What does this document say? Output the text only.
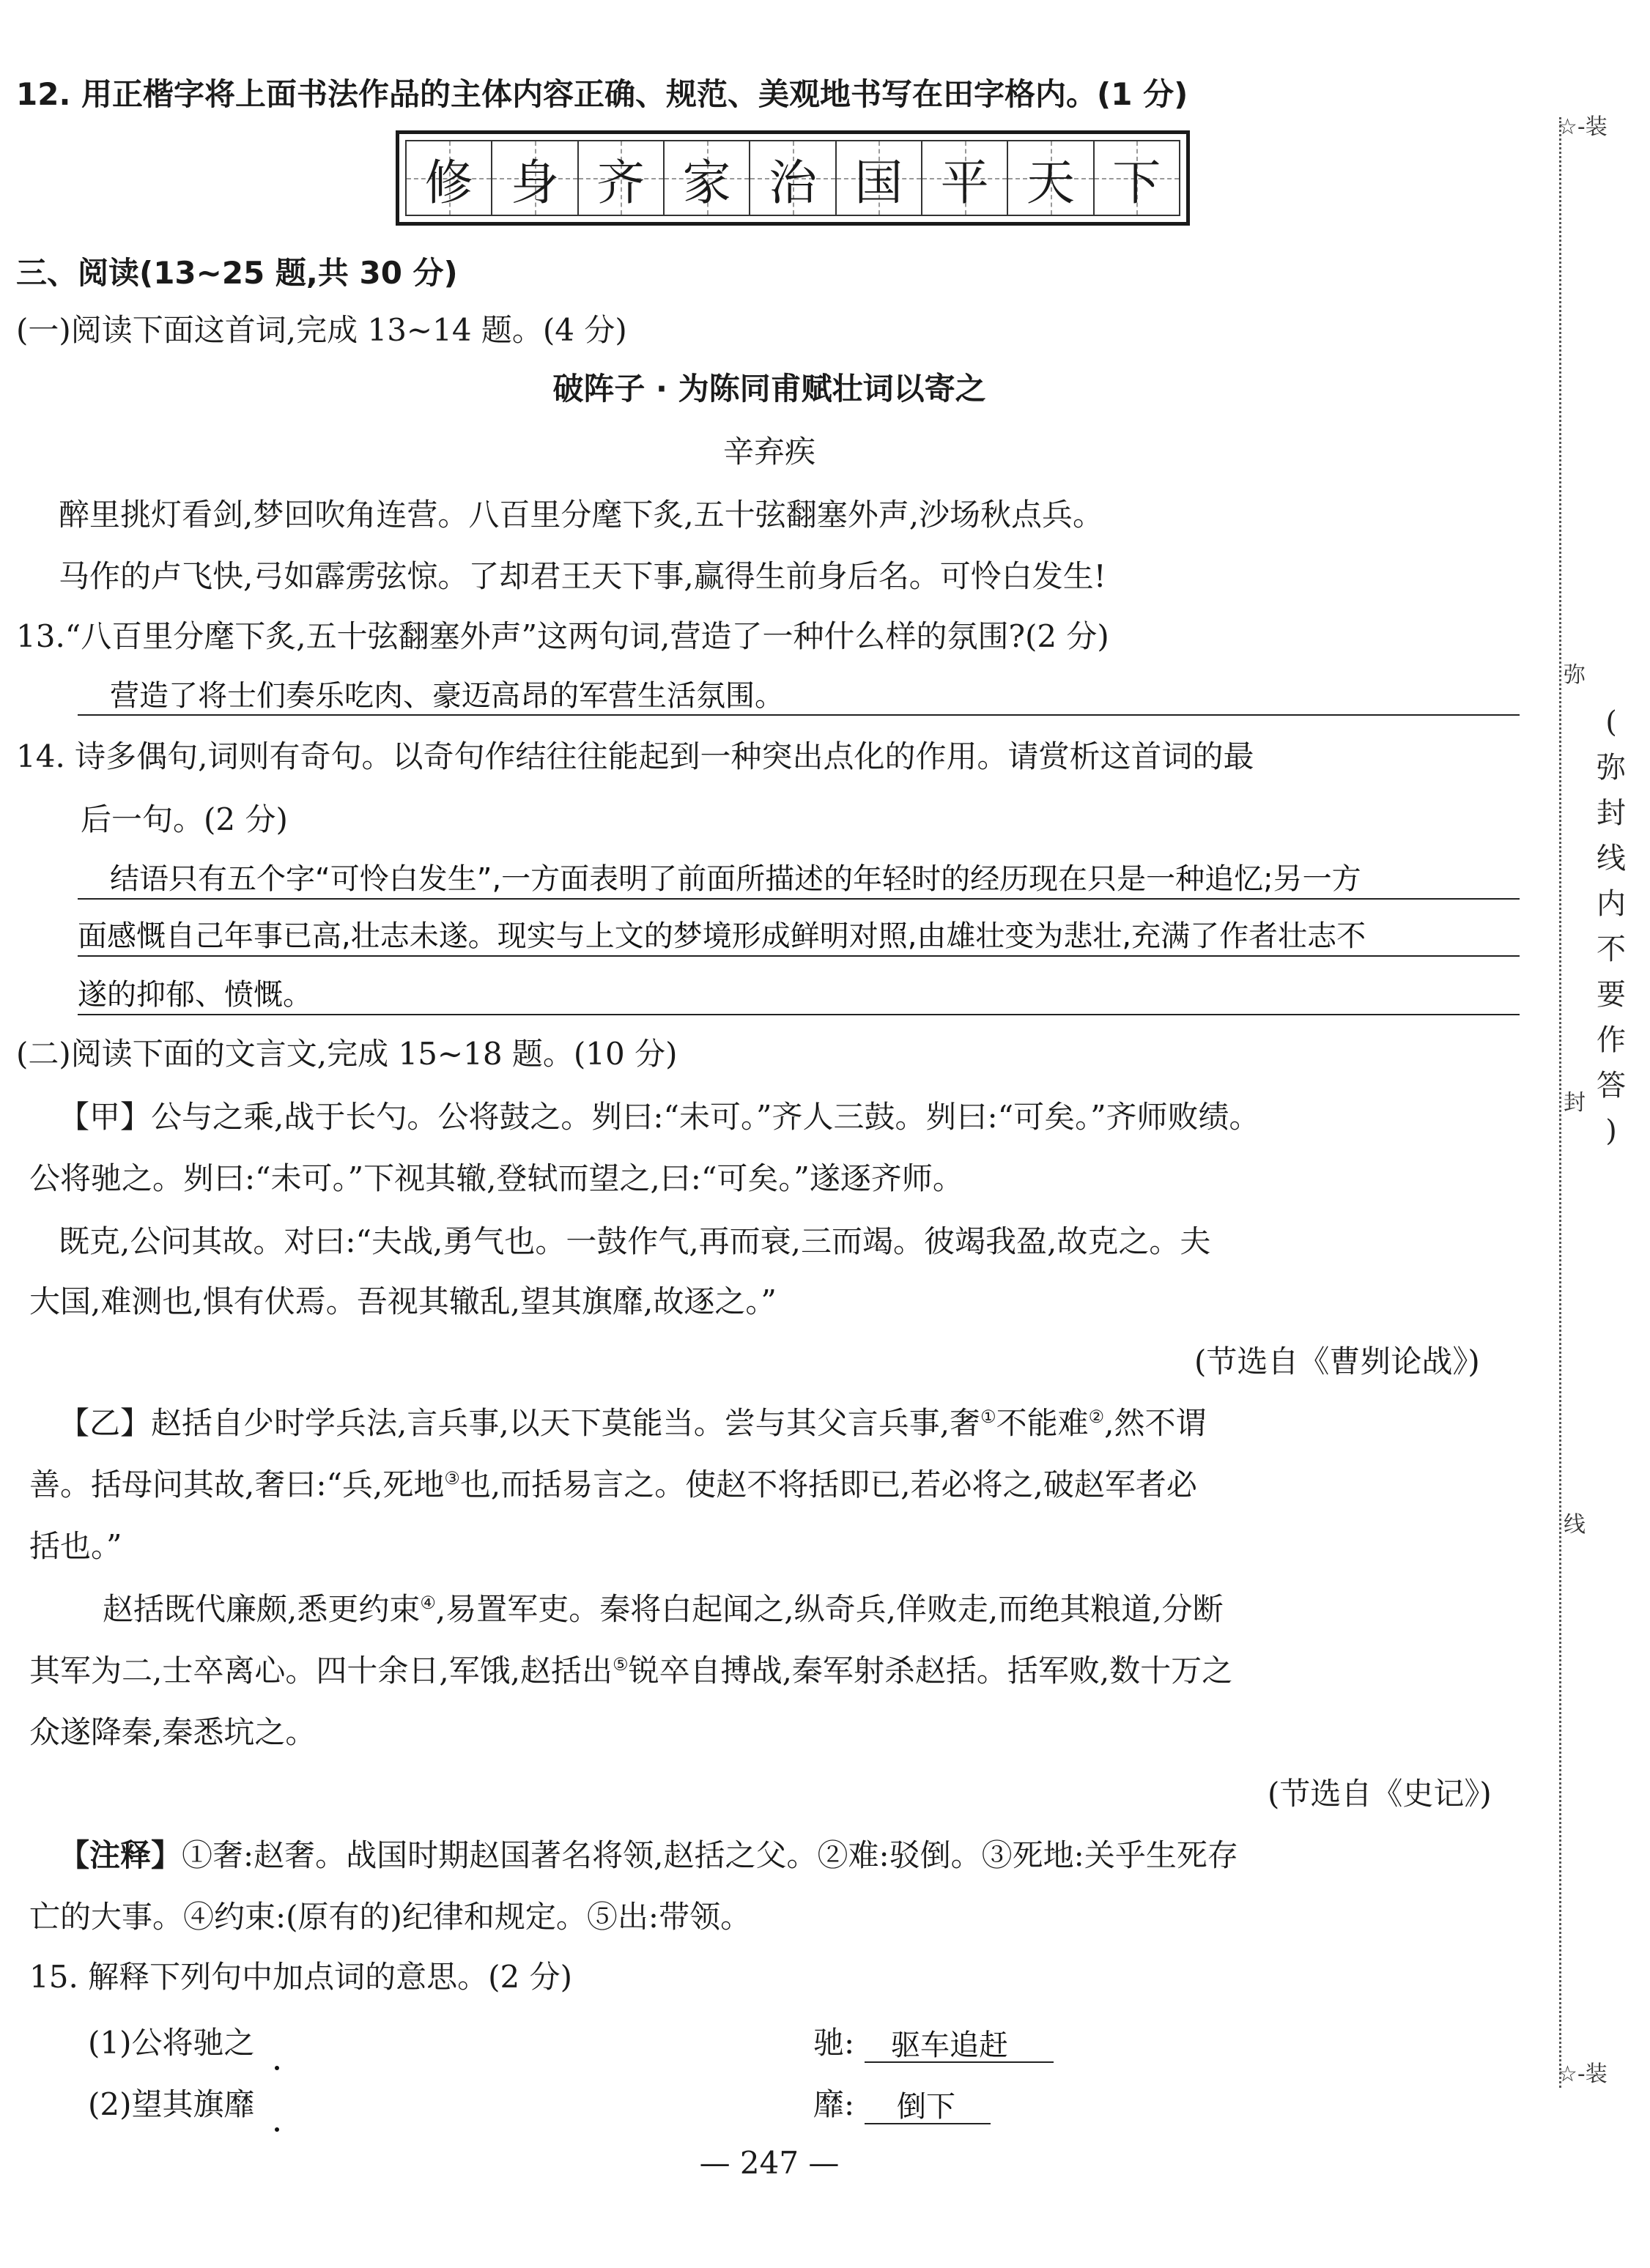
12. 用正楷字将上面书法作品的主体内容正确、规范、美观地书写在田字格内。(1 分)
修 身 齐 家 治 国 平 天 下
三、阅读(13~25 题,共 30 分)
(一)阅读下面这首词,完成 13~14 题。(4 分)
破阵子 · 为陈同甫赋壮词以寄之
辛弃疾
醉里挑灯看剑,梦回吹角连营。八百里分麾下炙,五十弦翻塞外声,沙场秋点兵。
马作的卢飞快,弓如霹雳弦惊。了却君王天下事,赢得生前身后名。可怜白发生!
13.“八百里分麾下炙,五十弦翻塞外声”这两句词,营造了一种什么样的氛围?(2 分)
营造了将士们奏乐吃肉、豪迈高昂的军营生活氛围。
14. 诗多偶句,词则有奇句。以奇句作结往往能起到一种突出点化的作用。请赏析这首词的最
后一句。(2 分)
结语只有五个字“可怜白发生”,一方面表明了前面所描述的年轻时的经历现在只是一种追忆;另一方
面感慨自己年事已高,壮志未遂。现实与上文的梦境形成鲜明对照,由雄壮变为悲壮,充满了作者壮志不
遂的抑郁、愤慨。
(二)阅读下面的文言文,完成 15~18 题。(10 分)
【甲】公与之乘,战于长勺。公将鼓之。刿曰:“未可。”齐人三鼓。刿曰:“可矣。”齐师败绩。
公将驰之。刿曰:“未可。”下视其辙,登轼而望之,曰:“可矣。”遂逐齐师。
既克,公问其故。对曰:“夫战,勇气也。一鼓作气,再而衰,三而竭。彼竭我盈,故克之。夫
大国,难测也,惧有伏焉。吾视其辙乱,望其旗靡,故逐之。”
(节选自《曹刿论战》)
【乙】赵括自少时学兵法,言兵事,以天下莫能当。尝与其父言兵事,奢①不能难②,然不谓
善。括母问其故,奢曰:“兵,死地③也,而括易言之。使赵不将括即已,若必将之,破赵军者必
括也。”
赵括既代廉颇,悉更约束④,易置军吏。秦将白起闻之,纵奇兵,佯败走,而绝其粮道,分断
其军为二,士卒离心。四十余日,军饿,赵括出⑤锐卒自搏战,秦军射杀赵括。括军败,数十万之
众遂降秦,秦悉坑之。
(节选自《史记》)
【注释】①奢:赵奢。战国时期赵国著名将领,赵括之父。②难:驳倒。③死地:关乎生死存
亡的大事。④约束:(原有的)纪律和规定。⑤出:带领。
15. 解释下列句中加点词的意思。(2 分)
(1)公将驰之	驰: 驱车追赶
(2)望其旗靡	靡: 倒下
— 247 —
☆-装
☆-装
弥
封
线
(
弥
封
线
内
不
要
作
答
)
